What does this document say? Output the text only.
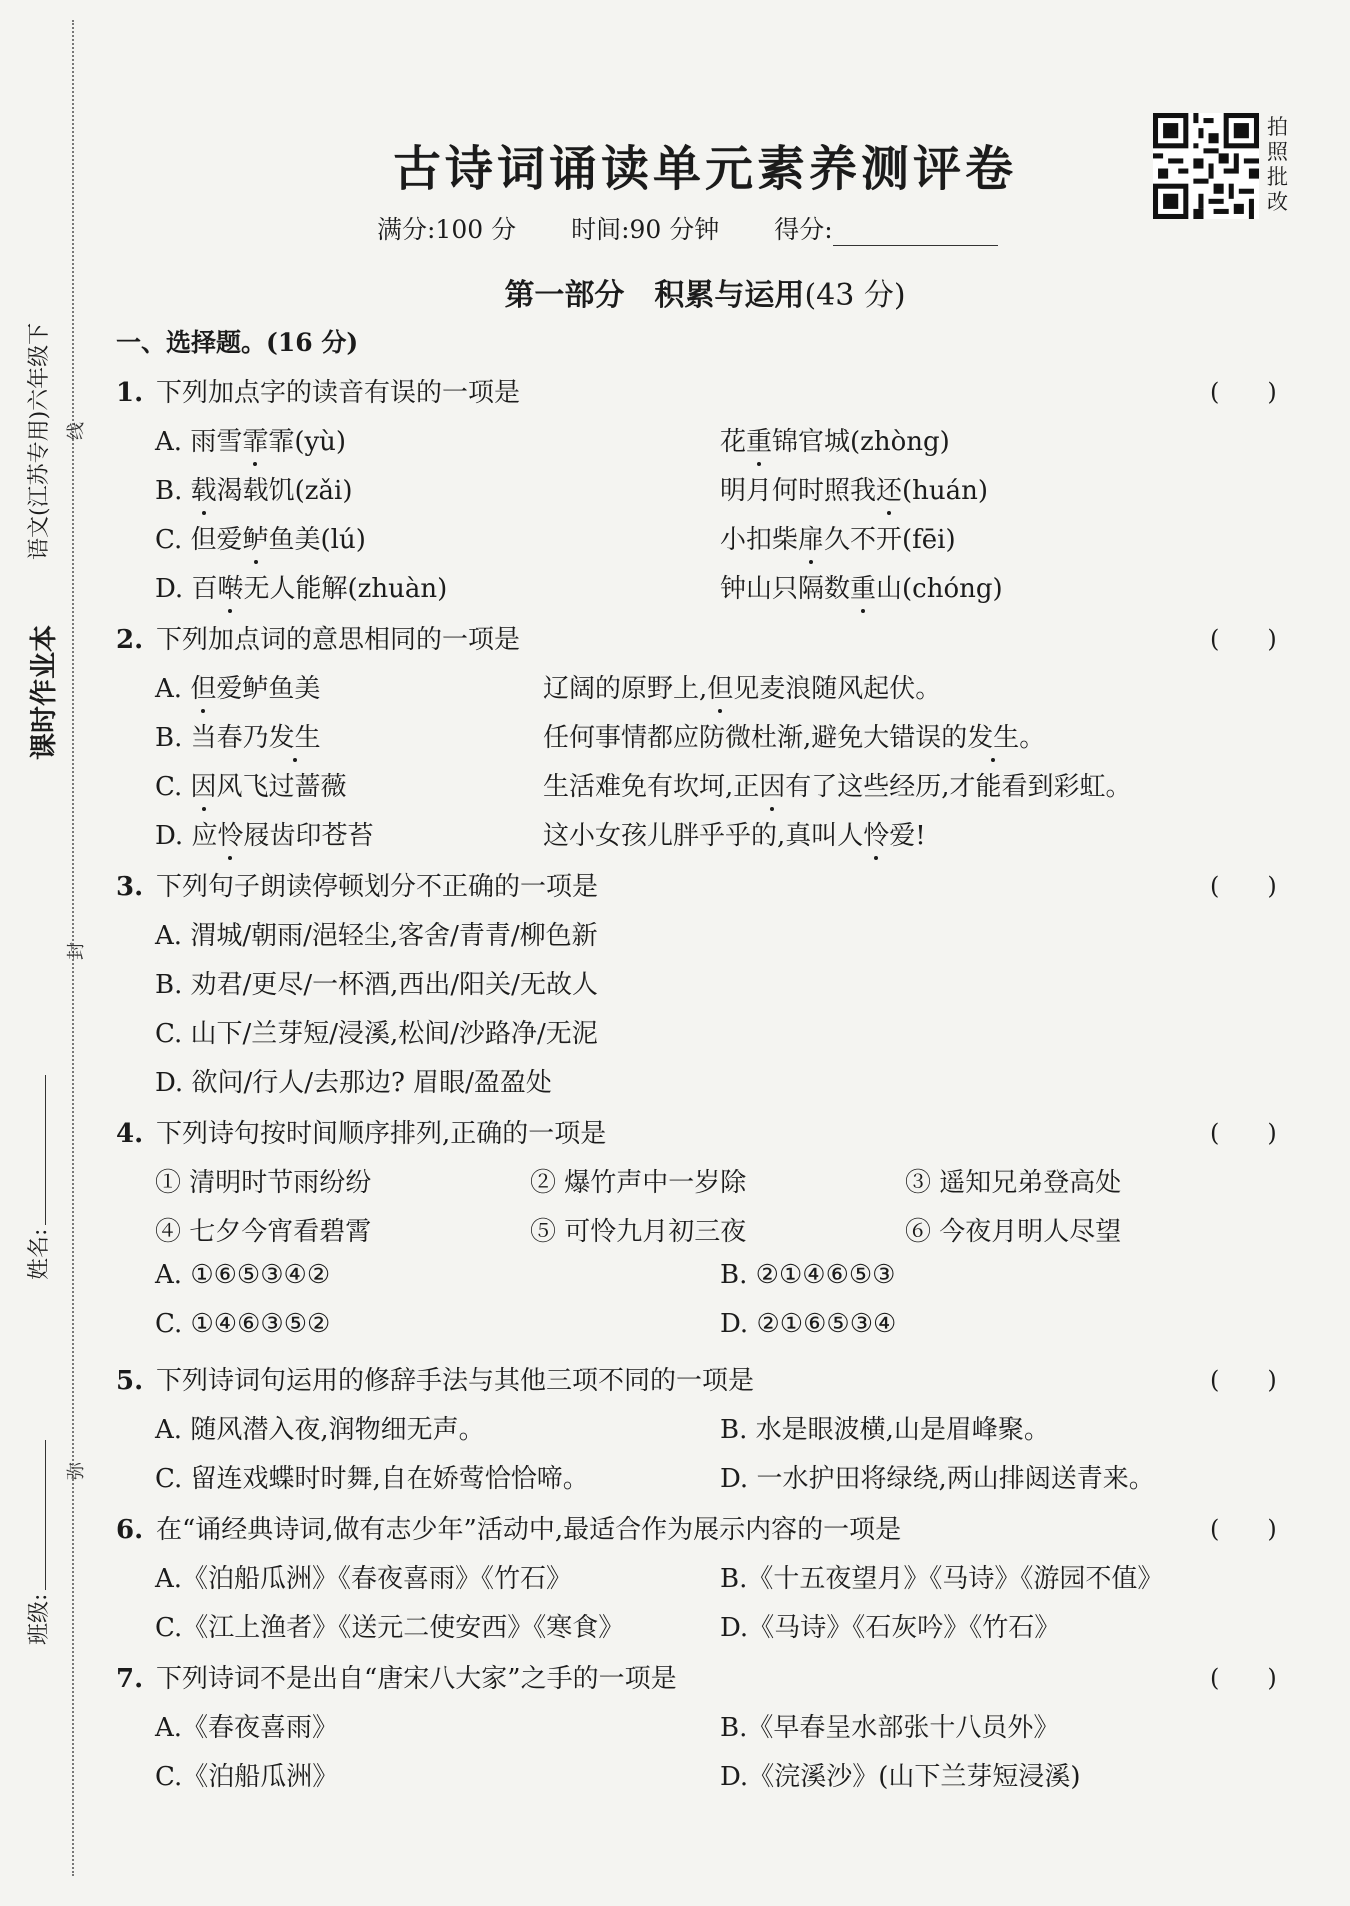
课时作业本
语文(江苏专用)六年级下 线
封
弥
姓名:
班级:
古诗词诵读单元素养测评卷
拍照批改
满分:100 分 时间:90 分钟 得分:
第一部分　积累与运用(43 分)
一、选择题。(16 分)
1. 下列加点字的读音有误的一项是	(　　)
A. 雨雪霏霏(yù)	花重锦官城(zhòng)
B. 载渴载饥(zǎi)	明月何时照我还(huán)
C. 但爱鲈鱼美(lú)	小扣柴扉久不开(fēi)
D. 百啭无人能解(zhuàn)	钟山只隔数重山(chóng)
2. 下列加点词的意思相同的一项是	(　　)
A. 但爱鲈鱼美	辽阔的原野上,但见麦浪随风起伏。
B. 当春乃发生	任何事情都应防微杜渐,避免大错误的发生。
C. 因风飞过蔷薇	生活难免有坎坷,正因有了这些经历,才能看到彩虹。
D. 应怜屐齿印苍苔	这小女孩儿胖乎乎的,真叫人怜爱!
3. 下列句子朗读停顿划分不正确的一项是	(　　)
A. 渭城/朝雨/浥轻尘,客舍/青青/柳色新
B. 劝君/更尽/一杯酒,西出/阳关/无故人
C. 山下/兰芽短/浸溪,松间/沙路净/无泥
D. 欲问/行人/去那边? 眉眼/盈盈处
4. 下列诗句按时间顺序排列,正确的一项是	(　　)
① 清明时节雨纷纷	② 爆竹声中一岁除	③ 遥知兄弟登高处
④ 七夕今宵看碧霄	⑤ 可怜九月初三夜	⑥ 今夜月明人尽望
A. ①⑥⑤③④②	B. ②①④⑥⑤③
C. ①④⑥③⑤②	D. ②①⑥⑤③④
5. 下列诗词句运用的修辞手法与其他三项不同的一项是	(　　)
A. 随风潜入夜,润物细无声。	B. 水是眼波横,山是眉峰聚。
C. 留连戏蝶时时舞,自在娇莺恰恰啼。	D. 一水护田将绿绕,两山排闼送青来。
6. 在“诵经典诗词,做有志少年”活动中,最适合作为展示内容的一项是	(　　)
A.《泊船瓜洲》《春夜喜雨》《竹石》	B.《十五夜望月》《马诗》《游园不值》
C.《江上渔者》《送元二使安西》《寒食》	D.《马诗》《石灰吟》《竹石》
7. 下列诗词不是出自“唐宋八大家”之手的一项是	(　　)
A.《春夜喜雨》	B.《早春呈水部张十八员外》
C.《泊船瓜洲》	D.《浣溪沙》(山下兰芽短浸溪)
